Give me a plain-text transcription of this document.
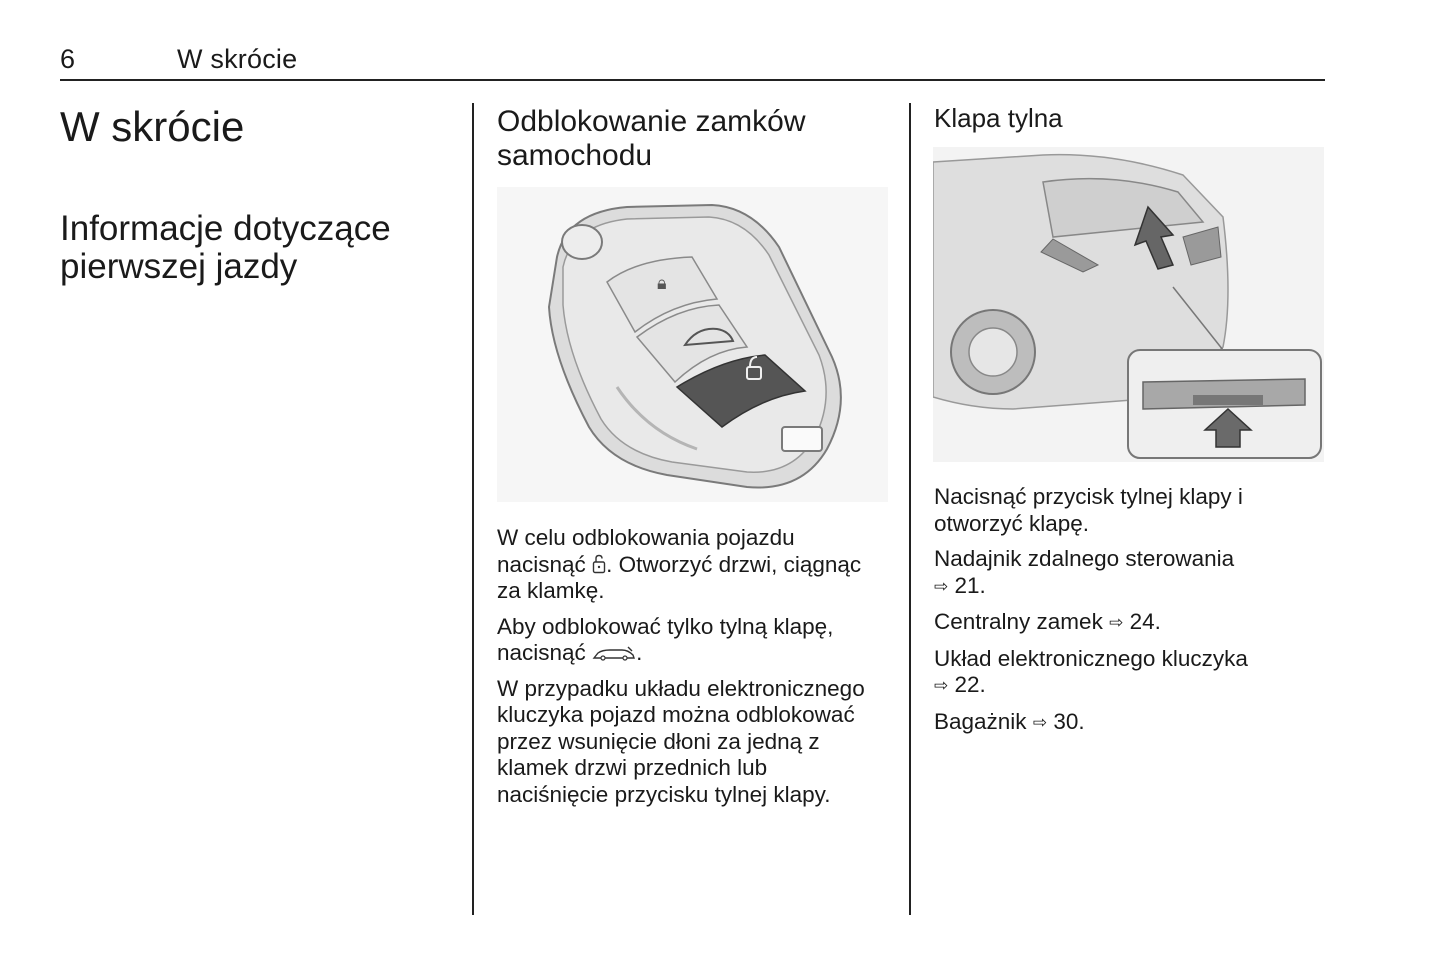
6	W skrócie
W skrócie
Informacje dotyczące
pierwszej jazdy
Odblokowanie zamków
samochodu
🔒︎

W celu odblokowania pojazdu
nacisnąć . Otworzyć drzwi, ciągnąc
za klamkę.

Aby odblokować tylko tylną klapę,
nacisnąć .

W przypadku układu elektronicznego
kluczyka pojazd można odblokować
przez wsunięcie dłoni za jedną z
klamek drzwi przednich lub
naciśnięcie przycisku tylnej klapy.

Klapa tylna

Nacisnąć przycisk tylnej klapy i
otworzyć klapę.

Nadajnik zdalnego sterowania
⇨ 21.

Centralny zamek ⇨ 24.

Układ elektronicznego kluczyka
⇨ 22.

Bagażnik ⇨ 30.
